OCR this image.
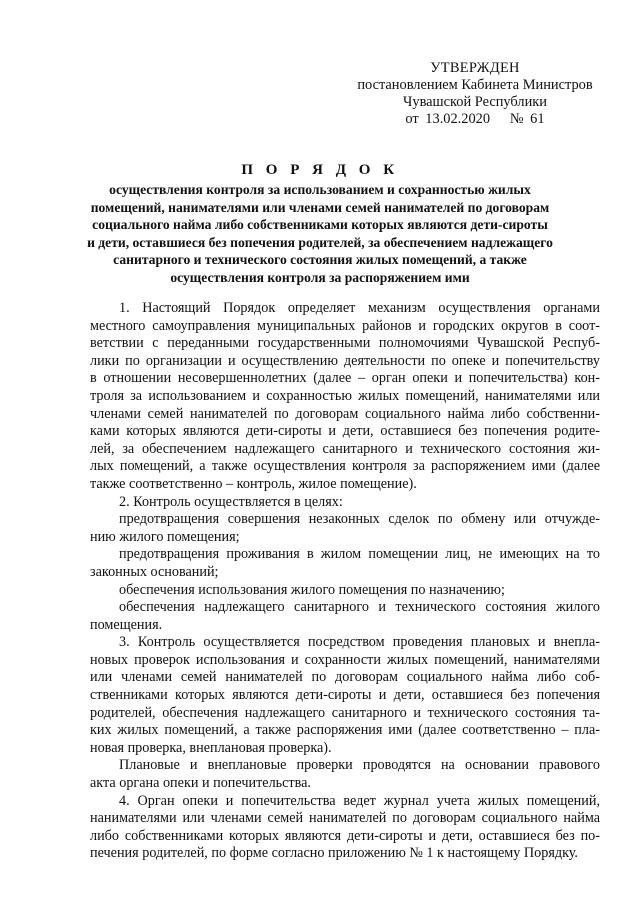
УТВЕРЖДЕН
постановлением Кабинета Министров
Чувашской Республики
от 13.02.2020 № 61
П О Р Я Д О К
осуществления контроля за использованием и сохранностью жилых
помещений, нанимателями или членами семей нанимателей по договорам
социального найма либо собственниками которых являются дети-сироты
и дети, оставшиеся без попечения родителей, за обеспечением надлежащего
санитарного и технического состояния жилых помещений, а также
осуществления контроля за распоряжением ими
1. Настоящий Порядок определяет механизм осуществления органами
местного самоуправления муниципальных районов и городских округов в соот-
ветствии с переданными государственными полномочиями Чувашской Респуб-
лики по организации и осуществлению деятельности по опеке и попечительству
в отношении несовершеннолетних (далее – орган опеки и попечительства) кон-
троля за использованием и сохранностью жилых помещений, нанимателями или
членами семей нанимателей по договорам социального найма либо собственни-
ками которых являются дети-сироты и дети, оставшиеся без попечения родите-
лей, за обеспечением надлежащего санитарного и технического состояния жи-
лых помещений, а также осуществления контроля за распоряжением ими (далее
также соответственно – контроль, жилое помещение).
2. Контроль осуществляется в целях:
предотвращения совершения незаконных сделок по обмену или отчужде-
нию жилого помещения;
предотвращения проживания в жилом помещении лиц, не имеющих на то
законных оснований;
обеспечения использования жилого помещения по назначению;
обеспечения надлежащего санитарного и технического состояния жилого
помещения.
3. Контроль осуществляется посредством проведения плановых и внепла-
новых проверок использования и сохранности жилых помещений, нанимателями
или членами семей нанимателей по договорам социального найма либо соб-
ственниками которых являются дети-сироты и дети, оставшиеся без попечения
родителей, обеспечения надлежащего санитарного и технического состояния та-
ких жилых помещений, а также распоряжения ими (далее соответственно – пла-
новая проверка, внеплановая проверка).
Плановые и внеплановые проверки проводятся на основании правового
акта органа опеки и попечительства.
4. Орган опеки и попечительства ведет журнал учета жилых помещений,
нанимателями или членами семей нанимателей по договорам социального найма
либо собственниками которых являются дети-сироты и дети, оставшиеся без по-
печения родителей, по форме согласно приложению № 1 к настоящему Порядку.
